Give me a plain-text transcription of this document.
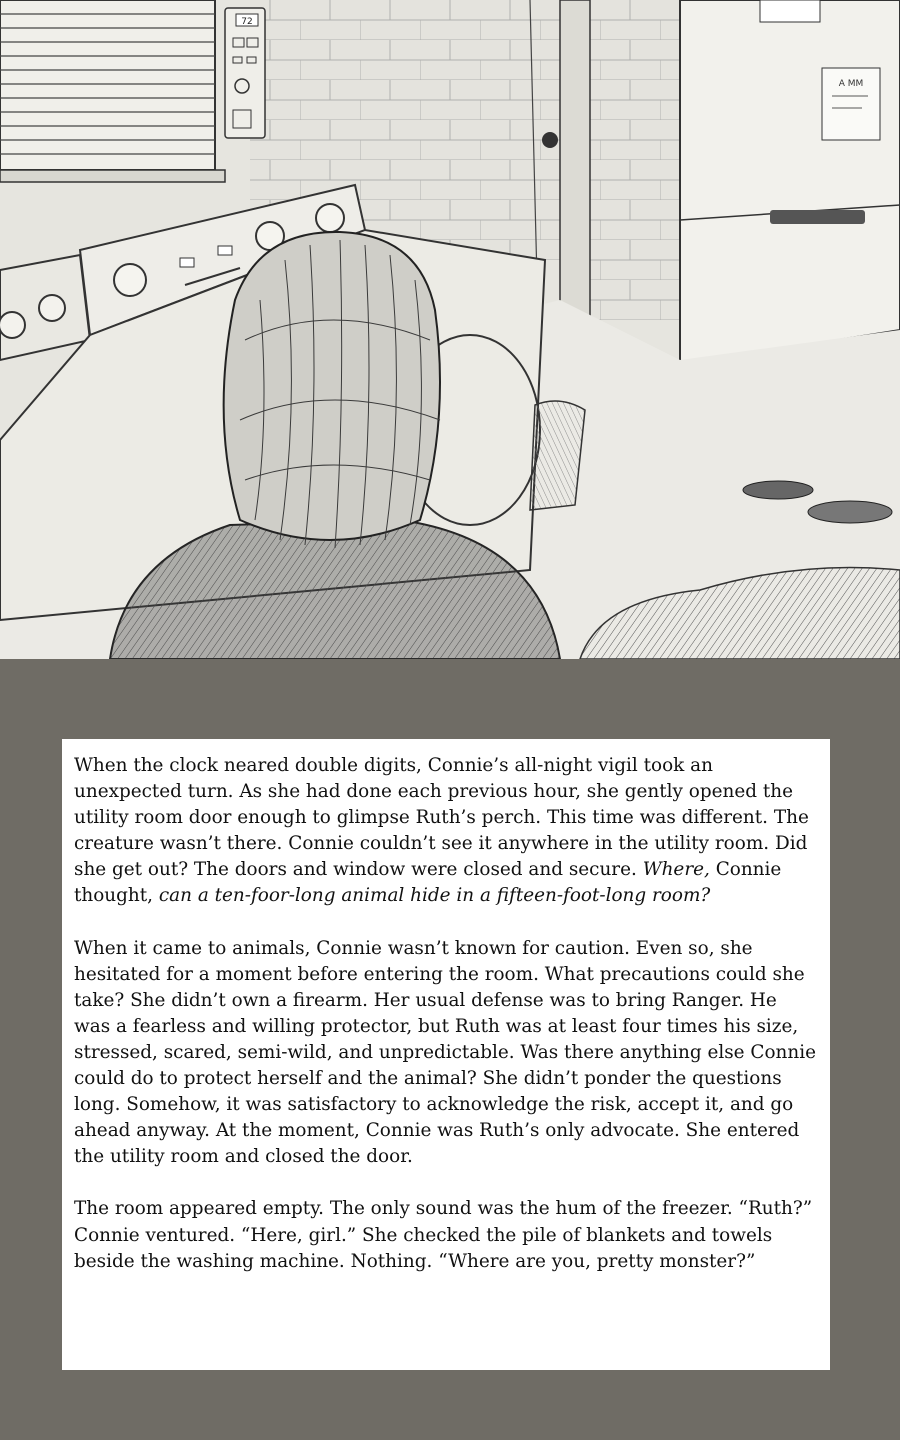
72
A MM

When the clock neared double digits, Connie’s all-night vigil took an unexpected turn. As she had done each previous hour, she gently opened the utility room door enough to glimpse Ruth’s perch. This time was different. The creature wasn’t there. Connie couldn’t see it anywhere in the utility room. Did she get out? The doors and window were closed and secure. Where, Connie thought, can a ten-foor-long animal hide in a fifteen-foot-long room?

When it came to animals, Connie wasn’t known for caution. Even so, she hesitated for a moment before entering the room. What precautions could she take? She didn’t own a firearm. Her usual defense was to bring Ranger. He was a fearless and willing protector, but Ruth was at least four times his size, stressed, scared, semi-wild, and unpredictable. Was there anything else Connie could do to protect herself and the animal? She didn’t ponder the questions long. Somehow, it was satisfactory to acknowledge the risk, accept it, and go ahead anyway. At the moment, Connie was Ruth’s only advocate. She entered the utility room and closed the door.

The room appeared empty. The only sound was the hum of the freezer. “Ruth?” Connie ventured. “Here, girl.” She checked the pile of blankets and towels beside the washing machine. Nothing. “Where are you, pretty monster?”
